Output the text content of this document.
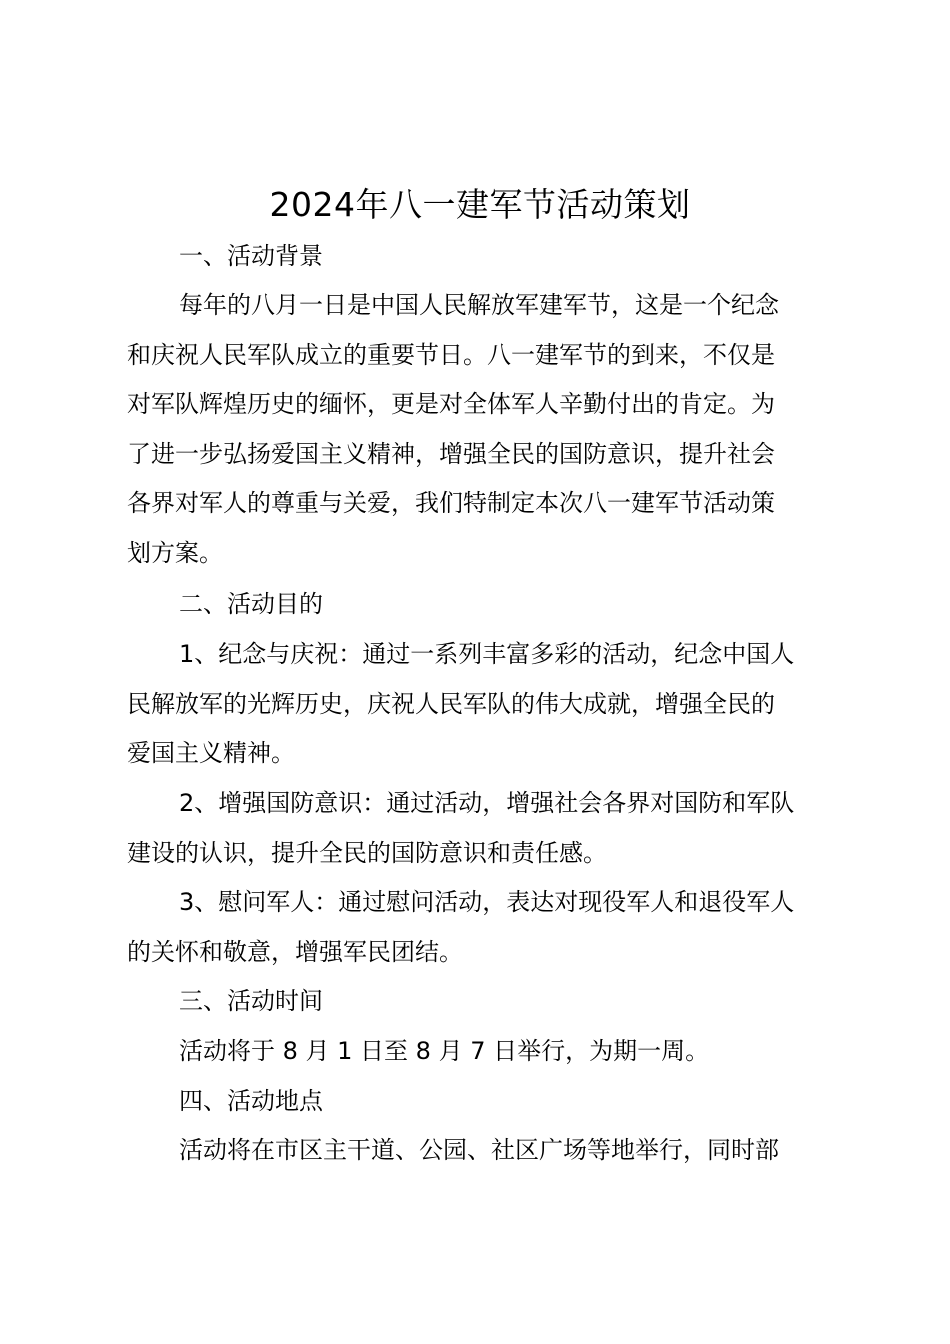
2024年八一建军节活动策划
一、活动背景
每年的八月一日是中国人民解放军建军节，这是一个纪念
和庆祝人民军队成立的重要节日。八一建军节的到来，不仅是
对军队辉煌历史的缅怀，更是对全体军人辛勤付出的肯定。为
了进一步弘扬爱国主义精神，增强全民的国防意识，提升社会
各界对军人的尊重与关爱，我们特制定本次八一建军节活动策
划方案。
二、活动目的
1、纪念与庆祝：通过一系列丰富多彩的活动，纪念中国人
民解放军的光辉历史，庆祝人民军队的伟大成就，增强全民的
爱国主义精神。
2、增强国防意识：通过活动，增强社会各界对国防和军队
建设的认识，提升全民的国防意识和责任感。
3、慰问军人：通过慰问活动，表达对现役军人和退役军人
的关怀和敬意，增强军民团结。
三、活动时间
活动将于 8 月 1 日至 8 月 7 日举行，为期一周。
四、活动地点
活动将在市区主干道、公园、社区广场等地举行，同时部
